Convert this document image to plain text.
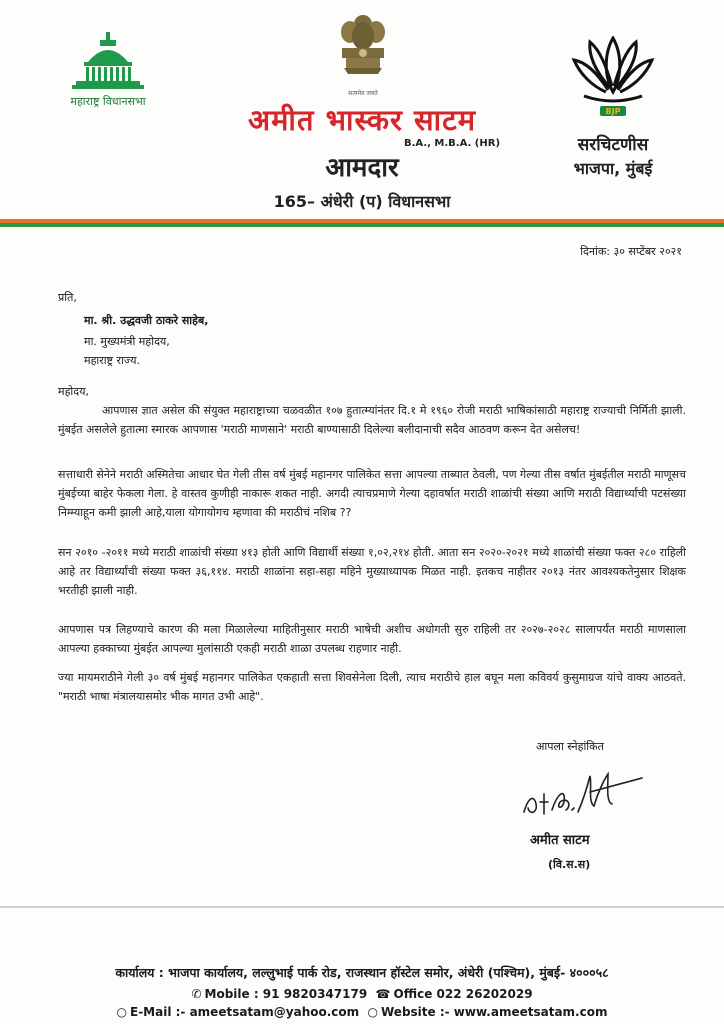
महाराष्ट्र विधानसभा
सत्यमेव जयते
BJP
सरचिटणीस
भाजपा, मुंबई
अमीत भास्कर साटम
B.A., M.B.A. (HR)
आमदार
165– अंधेरी (प) विधानसभा
दिनांक: ३० सप्टेंबर २०२१
प्रति,
मा. श्री. उद्धवजी ठाकरे साहेब,
मा. मुख्यमंत्री महोदय,
महाराष्ट्र राज्य.
महोदय,
आपणास ज्ञात असेल की संयुक्त महाराष्ट्राच्या चळवळीत १०७ हुतात्म्यांनंतर दि.१ मे १९६० रोजी मराठी भाषिकांसाठी महाराष्ट्र राज्याची निर्मिती झाली. मुंबईत असलेले हुतात्मा स्मारक आपणास 'मराठी माणसाने' मराठी बाण्यासाठी दिलेल्या बलीदानाची सदैव आठवण करून देत असेलच!
सत्ताधारी सेनेने मराठी अस्मितेचा आधार घेत गेली तीस वर्ष मुंबई महानगर पालिकेत सत्ता आपल्या ताब्यात ठेवली, पण गेल्या तीस वर्षात मुंबईतील मराठी माणूसच मुंबईच्या बाहेर फेकला गेला. हे वास्तव कुणीही नाकारू शकत नाही. अगदी त्याचप्रमाणे गेल्या दहावर्षात मराठी शाळांची संख्या आणि मराठी विद्यार्थ्यांची पटसंख्या निम्म्याहून कमी झाली आहे,याला योगायोगच म्हणावा की मराठीचं नशिब ??
सन २०१० -२०११ मध्ये मराठी शाळांची संख्या ४१३ होती आणि विद्यार्थी संख्या १,०२,२१४ होती. आता सन २०२०-२०२१ मध्ये शाळांची संख्या फक्त २८० राहिली आहे तर विद्यार्थ्यांची संख्या फक्त ३६,११४. मराठी शाळांना सहा-सहा महिने मुख्याध्यापक मिळत नाही. इतकच नाहीतर २०१३ नंतर आवश्यकतेनुसार शिक्षक भरतीही झाली नाही.
आपणास पत्र लिहण्याचे कारण की मला मिळालेल्या माहितीनुसार मराठी भाषेची अशीच अधोगती सुरु राहिली तर २०२७-२०२८ सालापर्यंत मराठी माणसाला आपल्या हक्काच्या मुंबईत आपल्या मुलांसाठी एकही मराठी शाळा उपलब्ध राहणार नाही.
ज्या मायमराठीने गेली ३० वर्ष मुंबई महानगर पालिकेत एकहाती सत्ता शिवसेनेला दिली, त्याच मराठीचे हाल बघून मला कविवर्य कुसुमाग्रज यांचे वाक्य आठवते. "मराठी भाषा मंत्रालयासमोर भीक मागत उभी आहे".
आपला स्नेहांकित
अमीत साटम
(वि.स.स)
कार्यालय : भाजपा कार्यालय, लल्लुभाई पार्क रोड, राजस्थान हॉस्टेल समोर, अंधेरी (पश्चिम), मुंबई- ४०००५८
✆ Mobile : 91 9820347179 ☎ Office 022 26202029
○ E-Mail :- ameetsatam@yahoo.com ○ Website :- www.ameetsatam.com
